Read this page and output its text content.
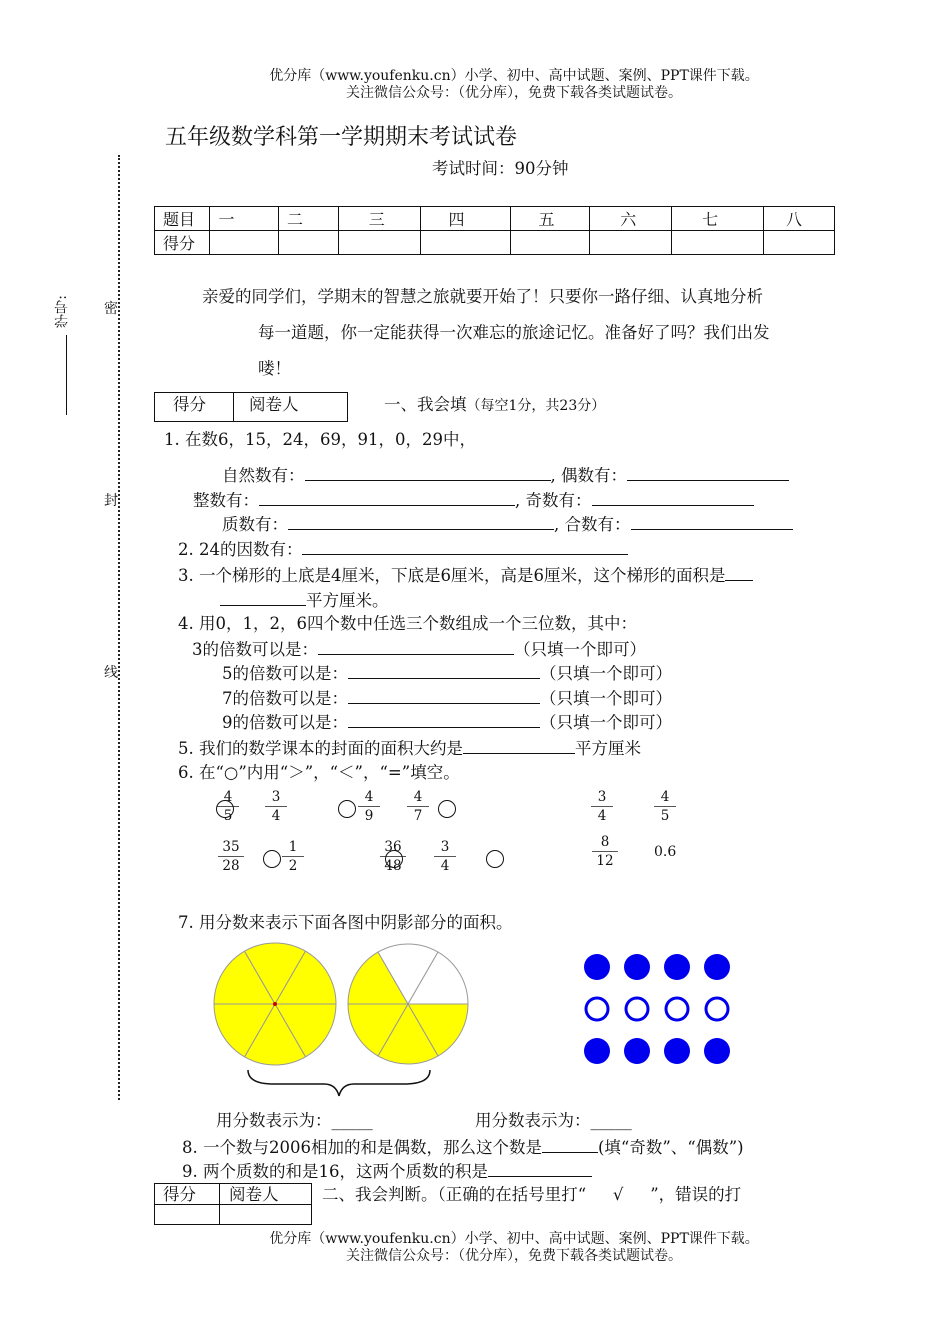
优分库（www.youfenku.cn）小学、初中、高中试题、案例、PPT课件下载。
关注微信公众号：（优分库），免费下载各类试题试卷。
学号: 密
封
线
五年级数学科第一学期期末考试试卷
考试时间：90分钟
题目	一	二	三	四	五	六	七	八
得分								
亲爱的同学们，学期末的智慧之旅就要开始了！只要你一路仔细、认真地分析
每一道题，你一定能获得一次难忘的旅途记忆。准备好了吗？我们出发
喽！
得分	阅卷人	一、我会填（每空1分，共23分）
1. 在数6，15，24，69，91，0，29中，
自然数有：	, 偶数有：
整数有：	, 奇数有：
质数有：	, 合数有：
2. 24的因数有：
3. 一个梯形的上底是4厘米，下底是6厘米，高是6厘米，这个梯形的面积是
平方厘米。
4. 用0，1，2，6四个数中任选三个数组成一个三位数，其中：
3的倍数可以是：	（只填一个即可）
5的倍数可以是：	（只填一个即可）
7的倍数可以是：	（只填一个即可）
9的倍数可以是：	（只填一个即可）
5. 我们的数学课本的封面的面积大约是	平方厘米
6. 在“○”内用“＞”，“＜”，“=”填空。
$\frac{4}{5} \frac{3}{4}$	$\frac{4}{9} \frac{4}{7}$	$\frac{3}{4}$	$\frac{4}{5}$
$\frac{35}{28}$	$\frac{1}{2}$	$\frac{36}{48} \frac{3}{4}$	$\frac{8}{12}$	0.6
7. 用分数来表示下面各图中阴影部分的面积。
用分数表示为：_____	用分数表示为：_____
8. 一个数与2006相加的和是偶数，那么这个数是	(填“奇数”、“偶数”)
9. 两个质数的和是16，这两个质数的积是
得分 阅卷人	二、我会判断。（正确的在括号里打“ √ ”，错误的打
优分库（www.youfenku.cn）小学、初中、高中试题、案例、PPT课件下载。
关注微信公众号：（优分库），免费下载各类试题试卷。
